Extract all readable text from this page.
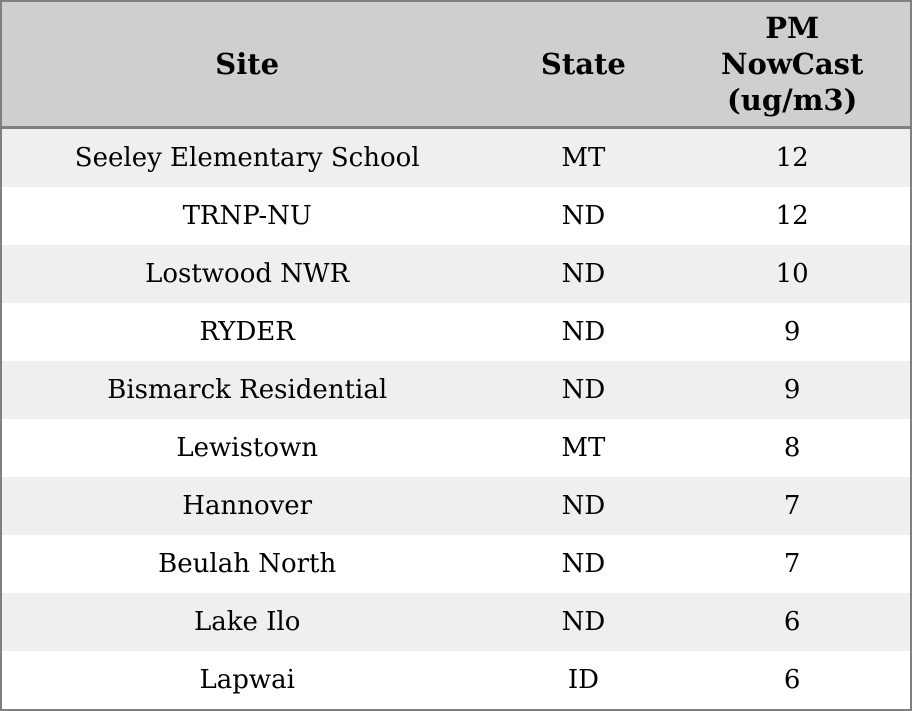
Site	State	PM NowCast (ug/m3)
Seeley Elementary School	MT	12
TRNP-NU	ND	12
Lostwood NWR	ND	10
RYDER	ND	9
Bismarck Residential	ND	9
Lewistown	MT	8
Hannover	ND	7
Beulah North	ND	7
Lake Ilo	ND	6
Lapwai	ID	6
